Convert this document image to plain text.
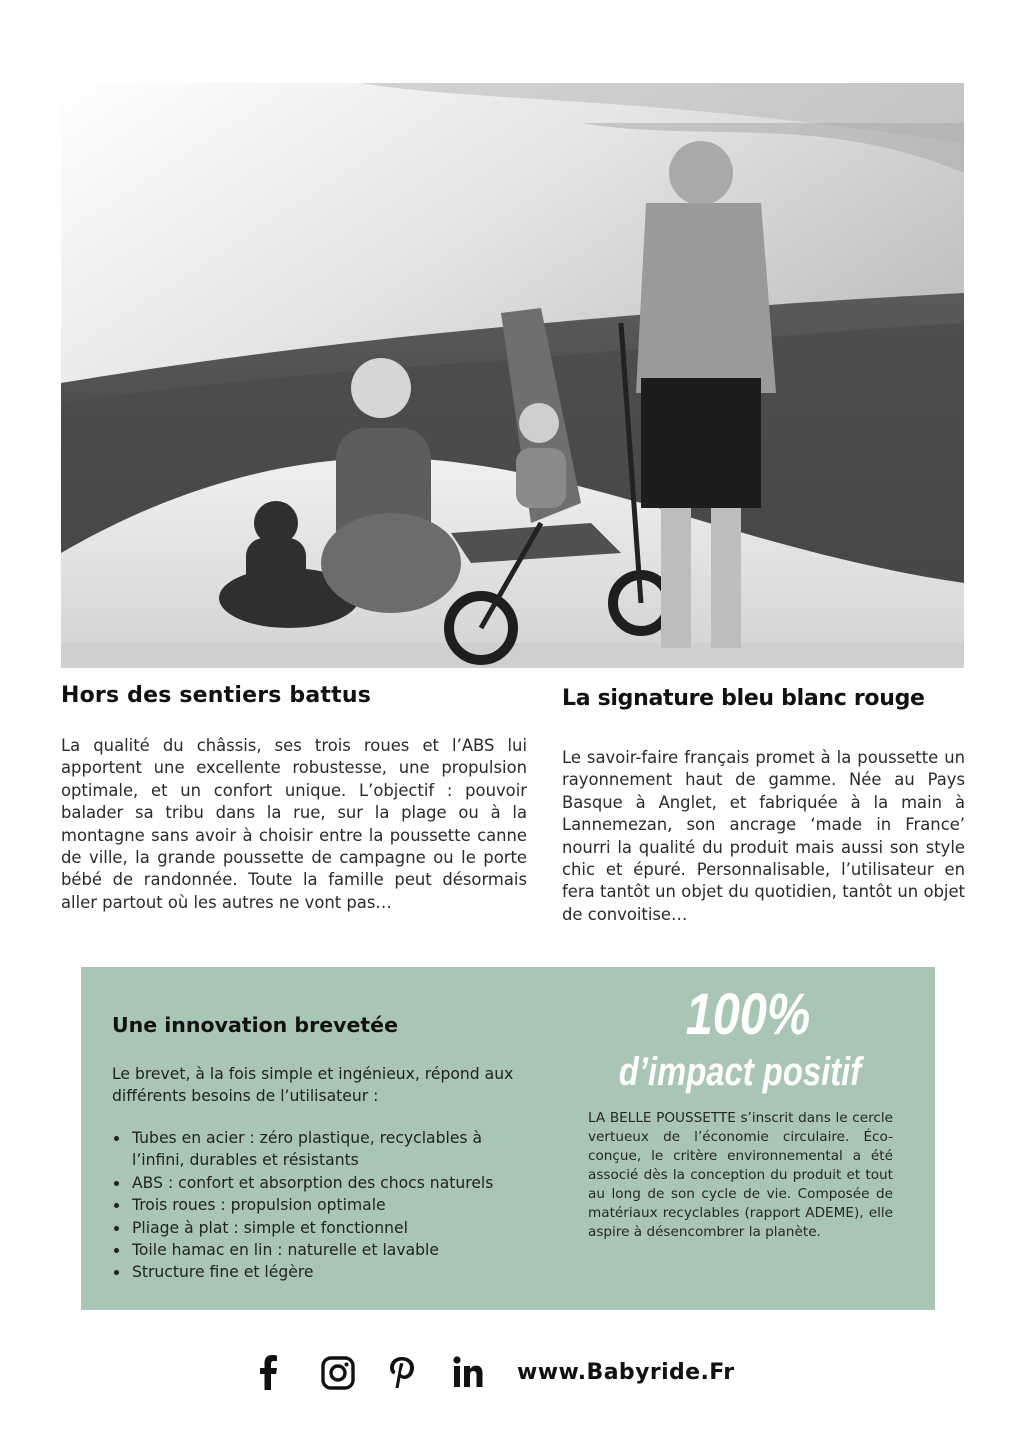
Hors des sentiers battus

La qualité du châssis, ses trois roues et l’ABS lui apportent une excellente robustesse, une propulsion optimale, et un confort unique. L’objectif : pouvoir balader sa tribu dans la rue, sur la plage ou à la montagne sans avoir à choisir entre la poussette canne de ville, la grande poussette de campagne ou le porte bébé de randonnée. Toute la famille peut désormais aller partout où les autres ne vont pas…

La signature bleu blanc rouge

Le savoir-faire français promet à la poussette un rayonnement haut de gamme. Née au Pays Basque à Anglet, et fabriquée à la main à Lannemezan, son ancrage ‘made in France’ nourri la qualité du produit mais aussi son style chic et épuré. Personnalisable, l’utilisateur en fera tantôt un objet du quotidien, tantôt un objet de convoitise…

Une innovation brevetée

Le brevet, à la fois simple et ingénieux, répond aux différents besoins de l’utilisateur :

• Tubes en acier : zéro plastique, recyclables à l’infini, durables et résistants
• ABS : confort et absorption des chocs naturels
• Trois roues : propulsion optimale
• Pliage à plat : simple et fonctionnel
• Toile hamac en lin : naturelle et lavable
• Structure fine et légère
100%
d’impact positif

LA BELLE POUSSETTE s’inscrit dans le cercle vertueux de l’économie circulaire. Éco-conçue, le critère environnemental a été associé dès la conception du produit et tout au long de son cycle de vie. Composée de matériaux recyclables (rapport ADEME), elle aspire à désencombrer la planète.

www.Babyride.Fr
